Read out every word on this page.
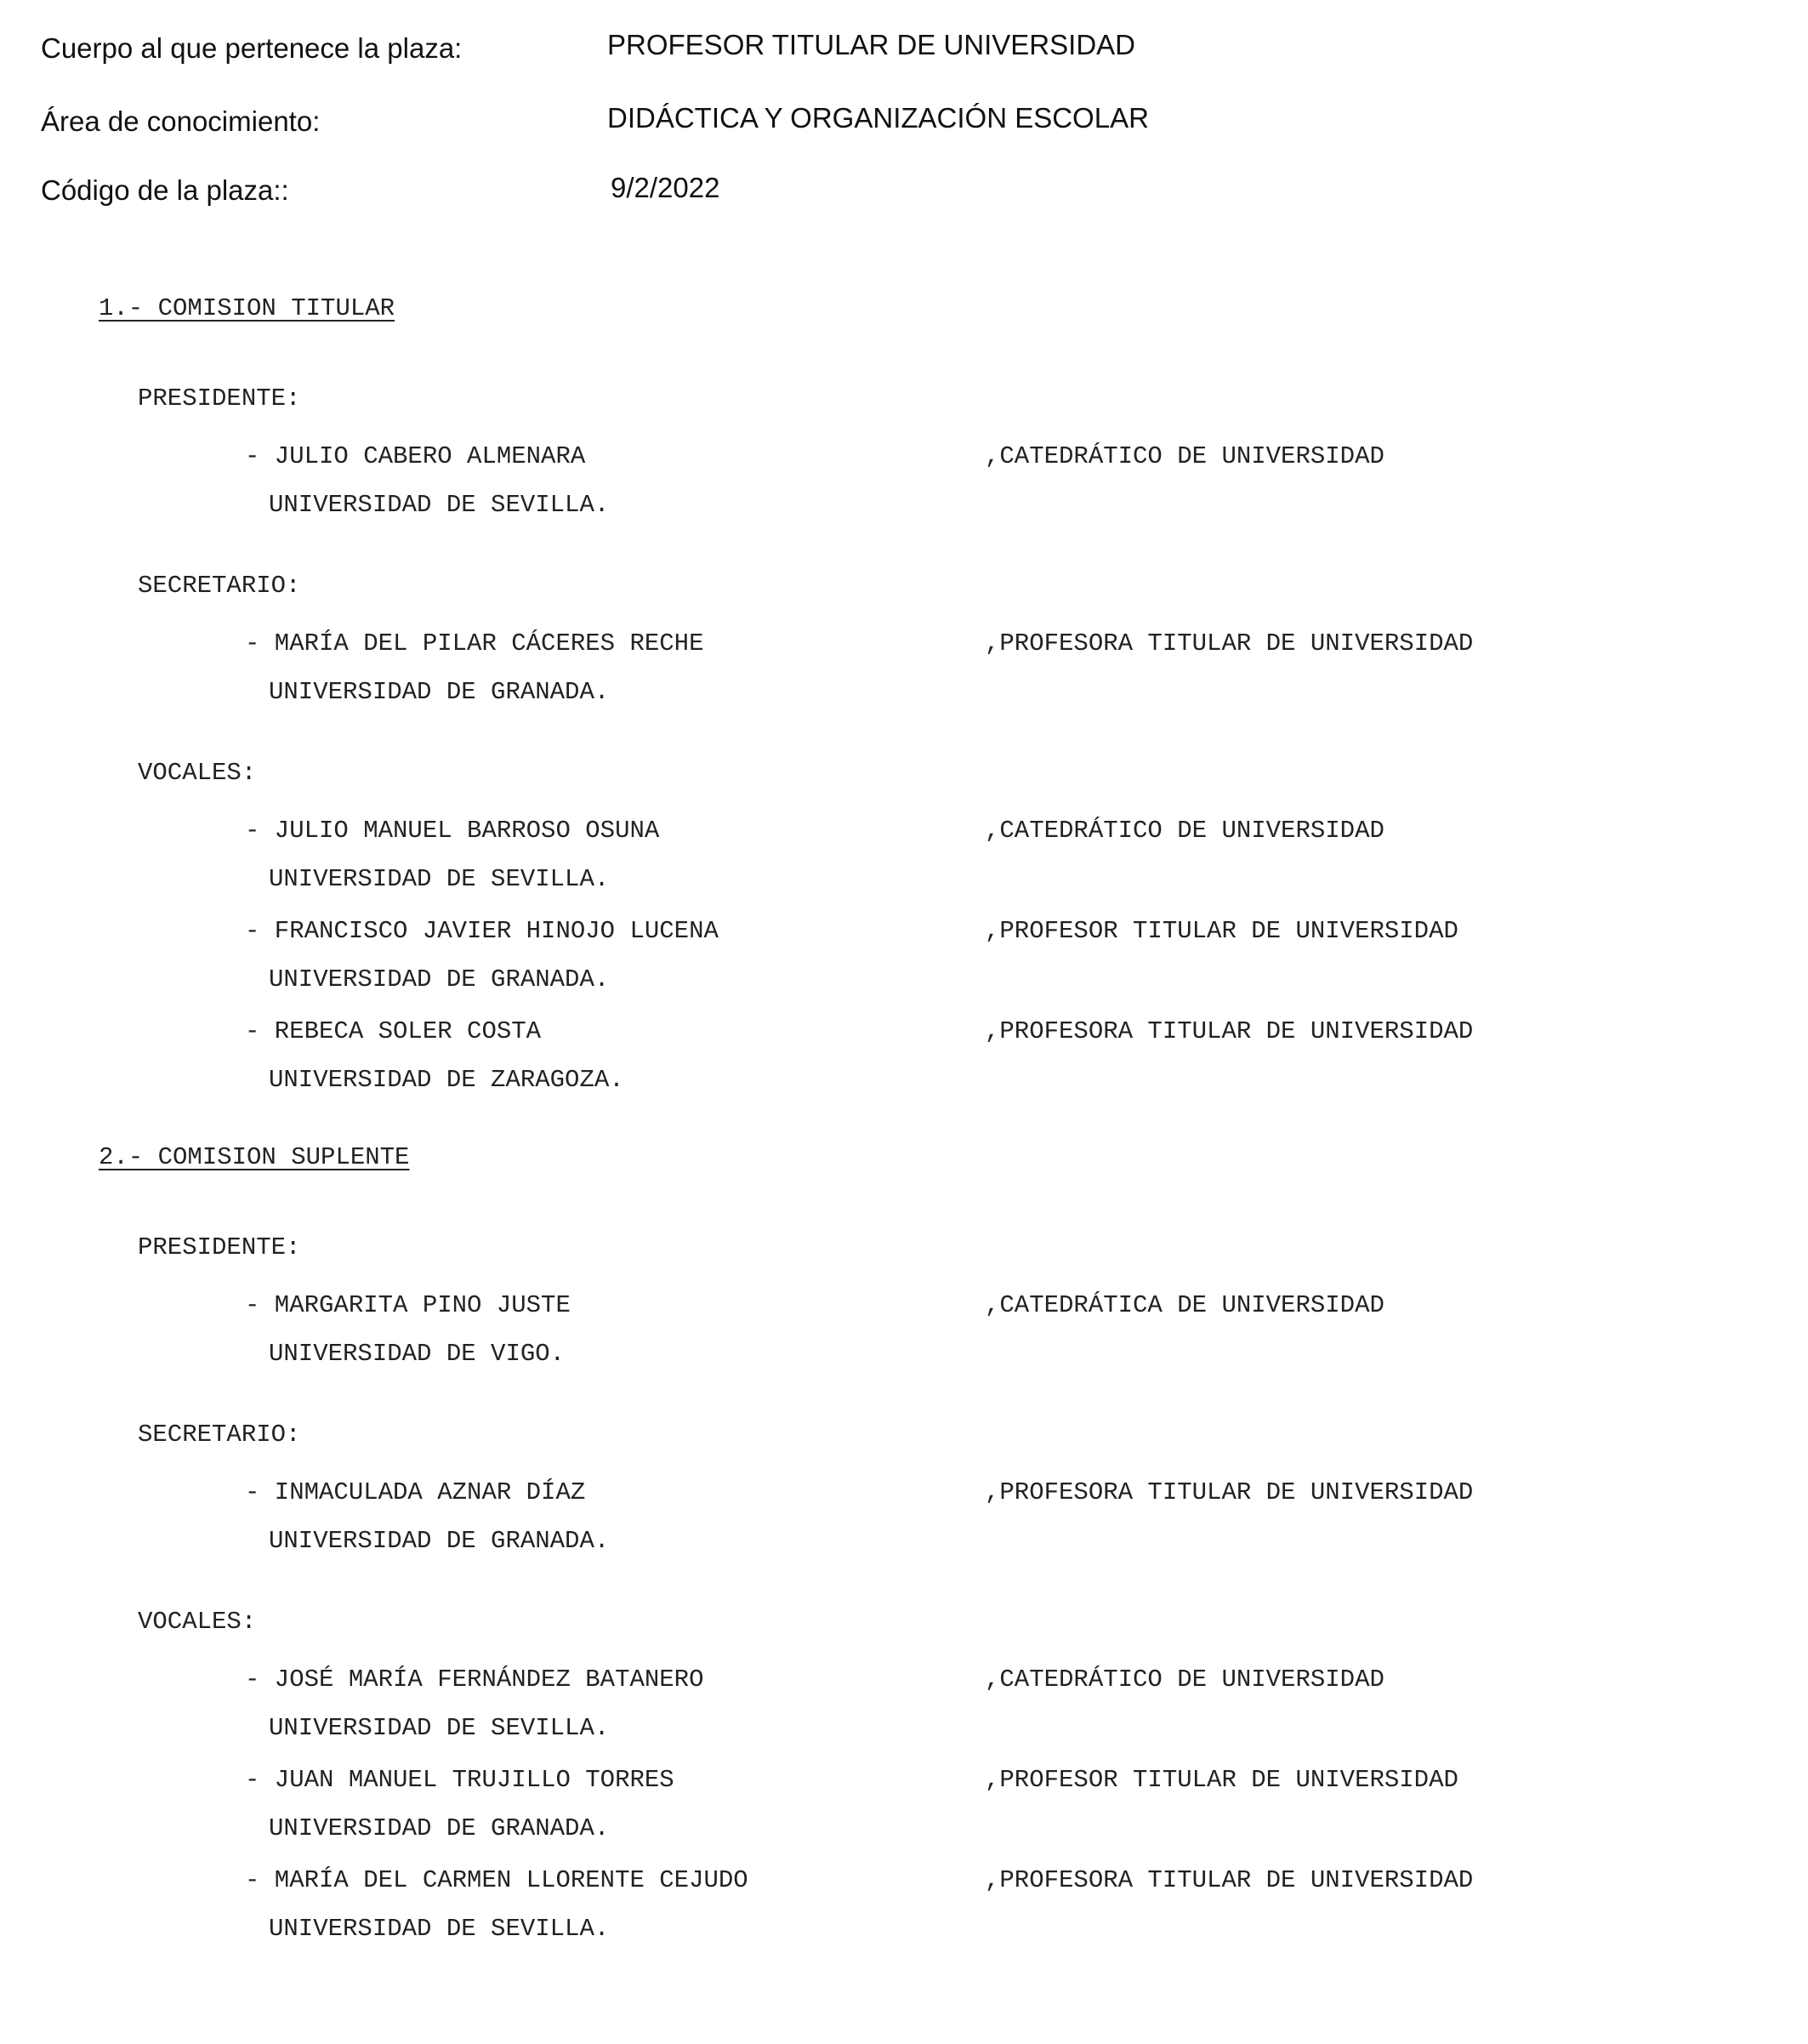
Cuerpo al que pertenece la plaza:	PROFESOR TITULAR DE UNIVERSIDAD
Área de conocimiento:	DIDÁCTICA Y ORGANIZACIÓN ESCOLAR
Código de la plaza::	9/2/2022
1.- COMISION TITULAR
PRESIDENTE:
- JULIO CABERO ALMENARA	,CATEDRÁTICO DE UNIVERSIDAD
UNIVERSIDAD DE SEVILLA.
SECRETARIO:
- MARÍA DEL PILAR CÁCERES RECHE	,PROFESORA TITULAR DE UNIVERSIDAD
UNIVERSIDAD DE GRANADA.
VOCALES:
- JULIO MANUEL BARROSO OSUNA	,CATEDRÁTICO DE UNIVERSIDAD
UNIVERSIDAD DE SEVILLA.
- FRANCISCO JAVIER HINOJO LUCENA	,PROFESOR TITULAR DE UNIVERSIDAD
UNIVERSIDAD DE GRANADA.
- REBECA SOLER COSTA	,PROFESORA TITULAR DE UNIVERSIDAD
UNIVERSIDAD DE ZARAGOZA.
2.- COMISION SUPLENTE
PRESIDENTE:
- MARGARITA PINO JUSTE	,CATEDRÁTICA DE UNIVERSIDAD
UNIVERSIDAD DE VIGO.
SECRETARIO:
- INMACULADA AZNAR DÍAZ	,PROFESORA TITULAR DE UNIVERSIDAD
UNIVERSIDAD DE GRANADA.
VOCALES:
- JOSÉ MARÍA FERNÁNDEZ BATANERO	,CATEDRÁTICO DE UNIVERSIDAD
UNIVERSIDAD DE SEVILLA.
- JUAN MANUEL TRUJILLO TORRES	,PROFESOR TITULAR DE UNIVERSIDAD
UNIVERSIDAD DE GRANADA.
- MARÍA DEL CARMEN LLORENTE CEJUDO	,PROFESORA TITULAR DE UNIVERSIDAD
UNIVERSIDAD DE SEVILLA.
